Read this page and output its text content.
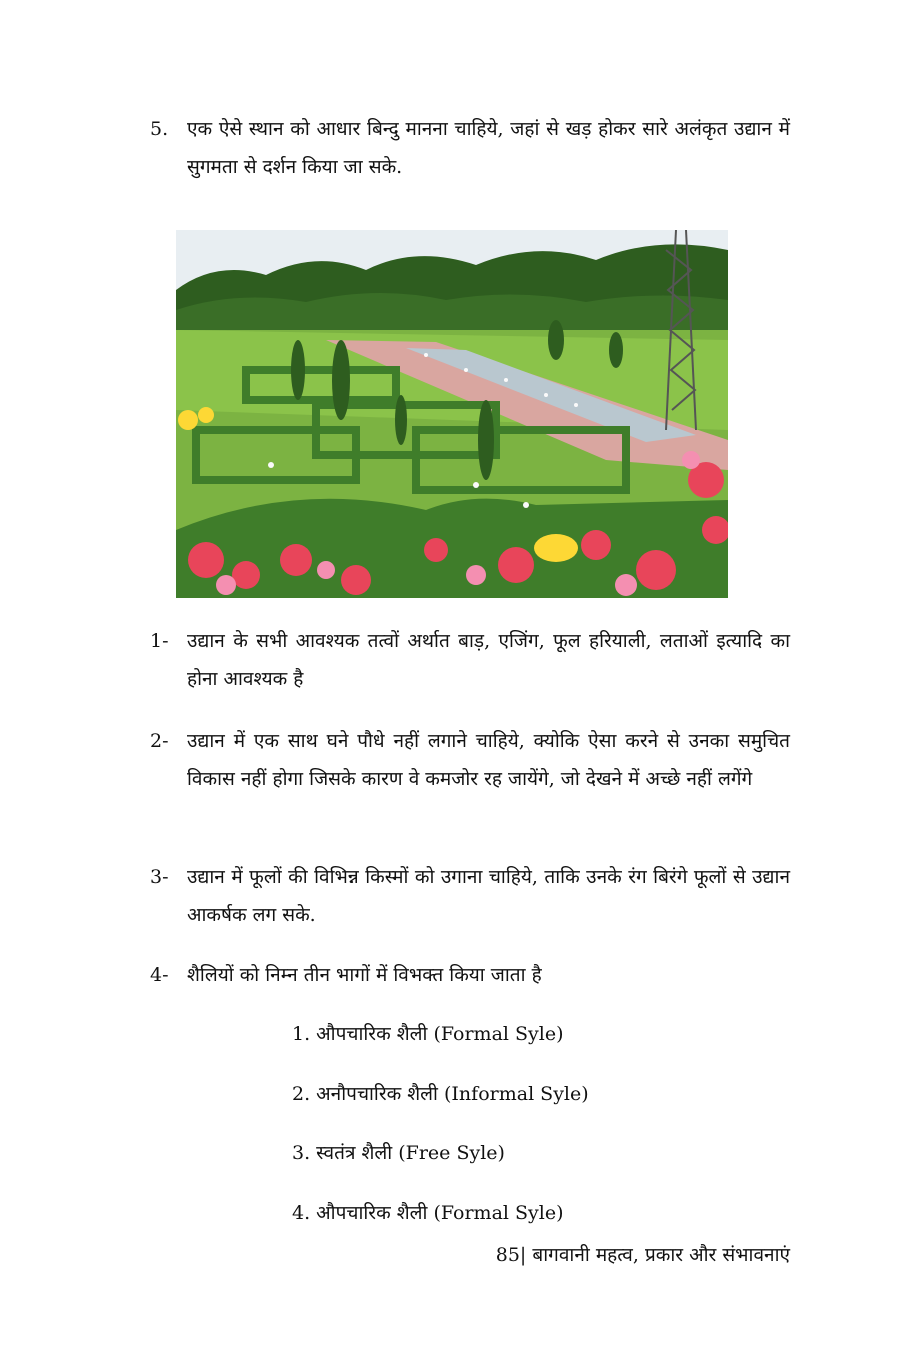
5. एक ऐसे स्थान को आधार बिन्दु मानना चाहिये, जहां से खड़ होकर सारे अलंकृत उद्यान में सुगमता से दर्शन किया जा सके.
1- उद्यान के सभी आवश्यक तत्वों अर्थात बाड़, एजिंग, फूल हरियाली, लताओं इत्यादि का होना आवश्यक है
2- उद्यान में एक साथ घने पौधे नहीं लगाने चाहिये, क्योकि ऐसा करने से उनका समुचित विकास नहीं होगा जिसके कारण वे कमजोर रह जायेंगे, जो देखने में अच्छे नहीं लगेंगे
3- उद्यान में फूलों की विभिन्न किस्मों को उगाना चाहिये, ताकि उनके रंग बिरंगे फूलों से उद्यान आकर्षक लग सके.
4- शैलियों को निम्न तीन भागों में विभक्त किया जाता है
1. औपचारिक शैली (Formal Syle)
2. अनौपचारिक शैली (Informal Syle)
3. स्वतंत्र शैली (Free Syle)
4. औपचारिक शैली (Formal Syle)
85| बागवानी महत्व, प्रकार और संभावनाएं
